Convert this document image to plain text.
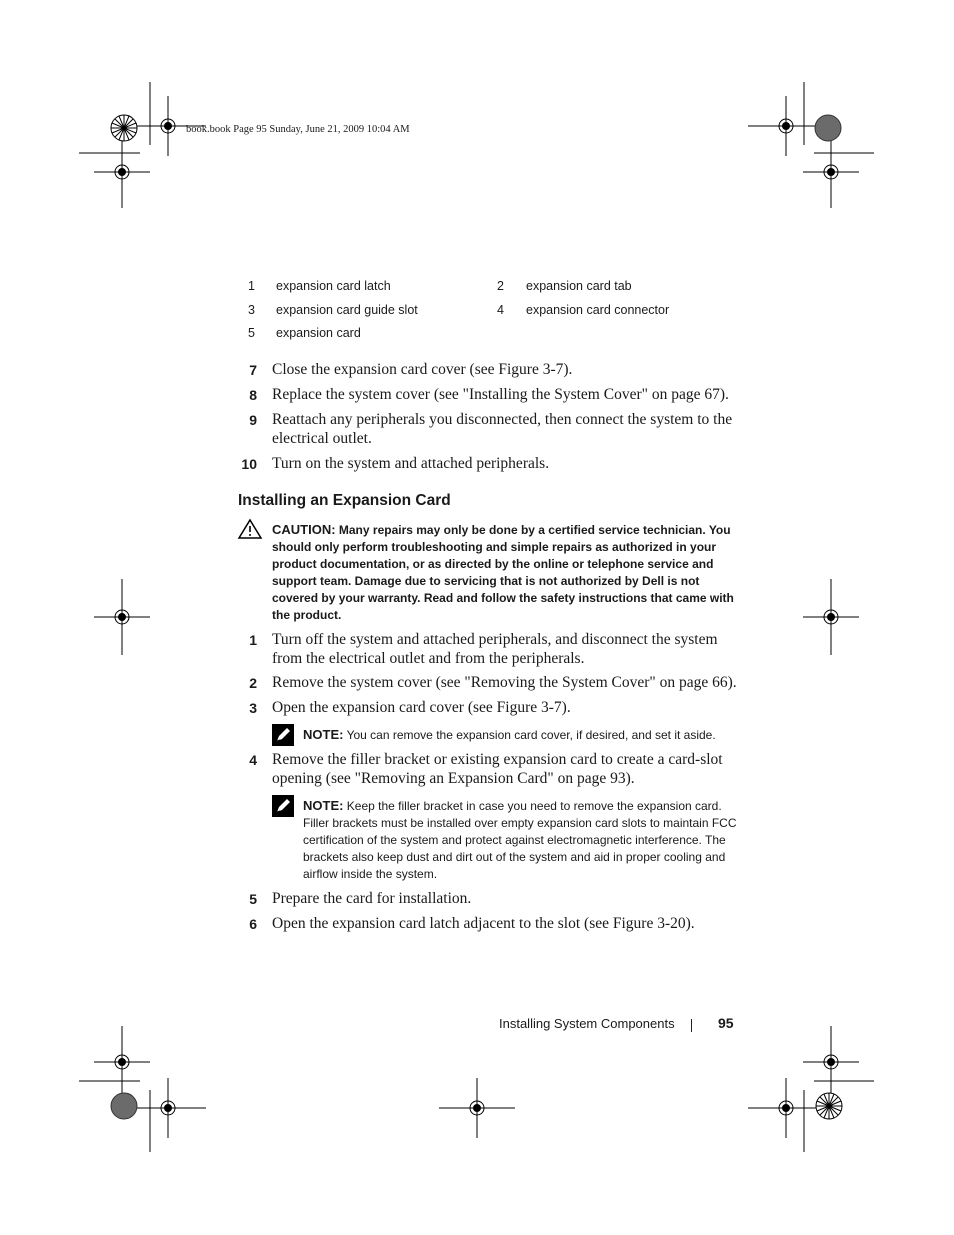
book.book Page 95 Sunday, June 21, 2009 10:04 AM
1 expansion card latch	2 expansion card tab
3 expansion card guide slot	4 expansion card connector
5 expansion card
7 Close the expansion card cover (see Figure 3-7).
8 Replace the system cover (see "Installing the System Cover" on page 67).
9 Reattach any peripherals you disconnected, then connect the system to the electrical outlet.
10 Turn on the system and attached peripherals.
Installing an Expansion Card
CAUTION: Many repairs may only be done by a certified service technician. You should only perform troubleshooting and simple repairs as authorized in your product documentation, or as directed by the online or telephone service and support team. Damage due to servicing that is not authorized by Dell is not covered by your warranty. Read and follow the safety instructions that came with the product.
1 Turn off the system and attached peripherals, and disconnect the system from the electrical outlet and from the peripherals.
2 Remove the system cover (see "Removing the System Cover" on page 66).
3 Open the expansion card cover (see Figure 3-7).
NOTE: You can remove the expansion card cover, if desired, and set it aside.
4 Remove the filler bracket or existing expansion card to create a card-slot opening (see "Removing an Expansion Card" on page 93).
NOTE: Keep the filler bracket in case you need to remove the expansion card. Filler brackets must be installed over empty expansion card slots to maintain FCC certification of the system and protect against electromagnetic interference. The brackets also keep dust and dirt out of the system and aid in proper cooling and airflow inside the system.
5 Prepare the card for installation.
6 Open the expansion card latch adjacent to the slot (see Figure 3-20).
Installing System Components	95
